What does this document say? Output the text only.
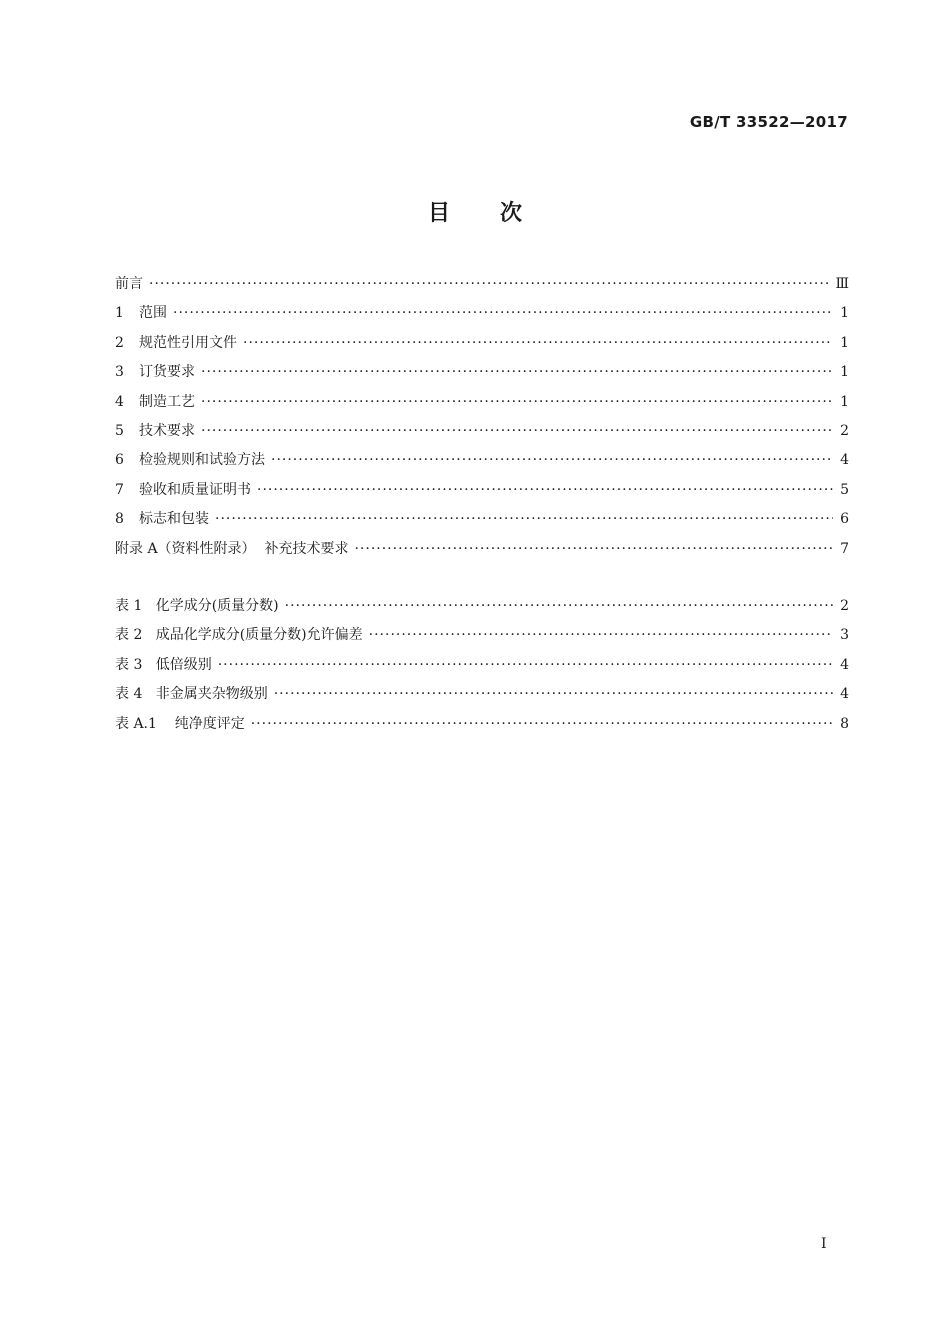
GB/T 33522—2017
目次
前言 ·····	Ⅲ
1	范围 ·····	1
2	规范性引用文件 ·····	1
3	订货要求 ·····	1
4	制造工艺 ·····	1
5	技术要求 ·····	2
6	检验规则和试验方法 ·····	4
7	验收和质量证明书 ·····	5
8	标志和包装 ·····	6
附录 A（资料性附录）  补充技术要求 ·····	7
表 1   化学成分(质量分数) ·····	2
表 2   成品化学成分(质量分数)允许偏差 ·····	3
表 3   低倍级别 ·····	4
表 4   非金属夹杂物级别 ·····	4
表 A.1    纯净度评定 ·····	8
I
